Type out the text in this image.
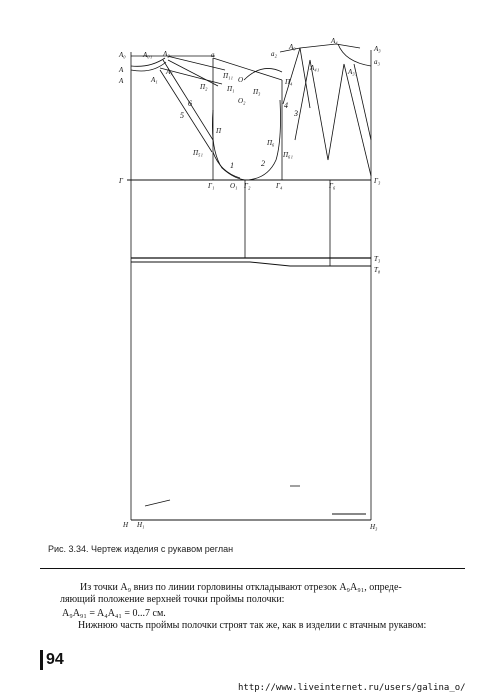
A₀ A₀₁ A₂	a
A
A	A₁
A₇	П₁₁
П₁
П₂
O
O₂
П₃
П₄
a₂
A₉
A₄
A₃
a₃
A₄₁	A₃₁
П
П₅₁
П₆
П₆₁
Г
Г₁ O₁ Г₂	Г₄	Г₆
Г₃
T₃
T₈
H H₁	H₃
1	2
3
4
5
6
Рис. 3.34. Чертеж изделия с рукавом реглан
Из точки A₉ вниз по линии горловины откладывают отрезок A₉A₉₁, опреде-
ляющий положение верхней точки проймы полочки:
A₉A₉₁ = A₄A₄₁ = 0...7 см.
Нижнюю часть проймы полочки строят так же, как в изделии с втачным рукавом:
94
http://www.liveinternet.ru/users/galina_o/
